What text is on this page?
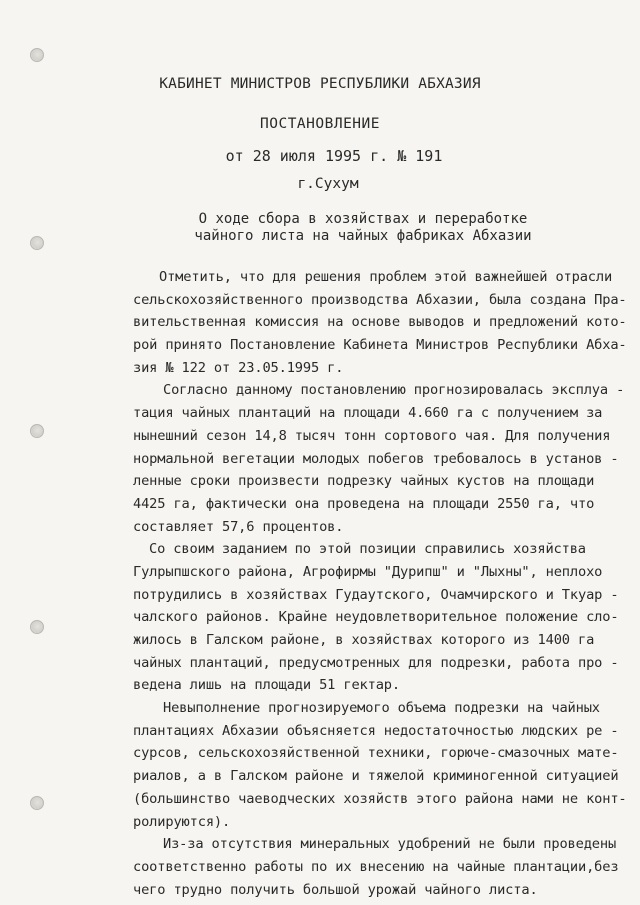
КАБИНЕТ МИНИСТРОВ РЕСПУБЛИКИ АБХАЗИЯ
ПОСТАНОВЛЕНИЕ
от 28 июля 1995 г. № 191
г.Сухум
О ходе сбора в хозяйствах и переработке
чайного листа на чайных фабриках Абхазии
Отметить, что для решения проблем этой важнейшей отрасли
сельскохозяйственного производства Абхазии, была создана Пра-
вительственная комиссия на основе выводов и предложений кото-
рой принято Постановление Кабинета Министров Республики Абха-
зия № 122 от 23.05.1995 г.
Согласно данному постановлению прогнозировалась эксплуа -
тация чайных плантаций на площади 4.660 га с получением за
нынешний сезон 14,8 тысяч тонн сортового чая. Для получения
нормальной вегетации молодых побегов требовалось в установ -
ленные сроки произвести подрезку чайных кустов на площади
4425 га, фактически она проведена на площади 2550 га, что
составляет 57,6 процентов.
Со своим заданием по этой позиции справились хозяйства
Гулрыпшского района, Агрофирмы "Дурипш" и "Лыхны", неплохо
потрудились в хозяйствах Гудаутского, Очамчирского и Ткуар -
чалского районов. Крайне неудовлетворительное положение сло-
жилось в Галском районе, в хозяйствах которого из 1400 га
чайных плантаций, предусмотренных для подрезки, работа про -
ведена лишь на площади 51 гектар.
Невыполнение прогнозируемого объема подрезки на чайных
плантациях Абхазии объясняется недостаточностью людских ре -
сурсов, сельскохозяйственной техники, горюче-смазочных мате-
риалов, а в Галском районе и тяжелой криминогенной ситуацией
(большинство чаеводческих хозяйств этого района нами не конт-
ролируются).
Из-за отсутствия минеральных удобрений не были проведены
соответственно работы по их внесению на чайные плантации,без
чего трудно получить большой урожай чайного листа.
